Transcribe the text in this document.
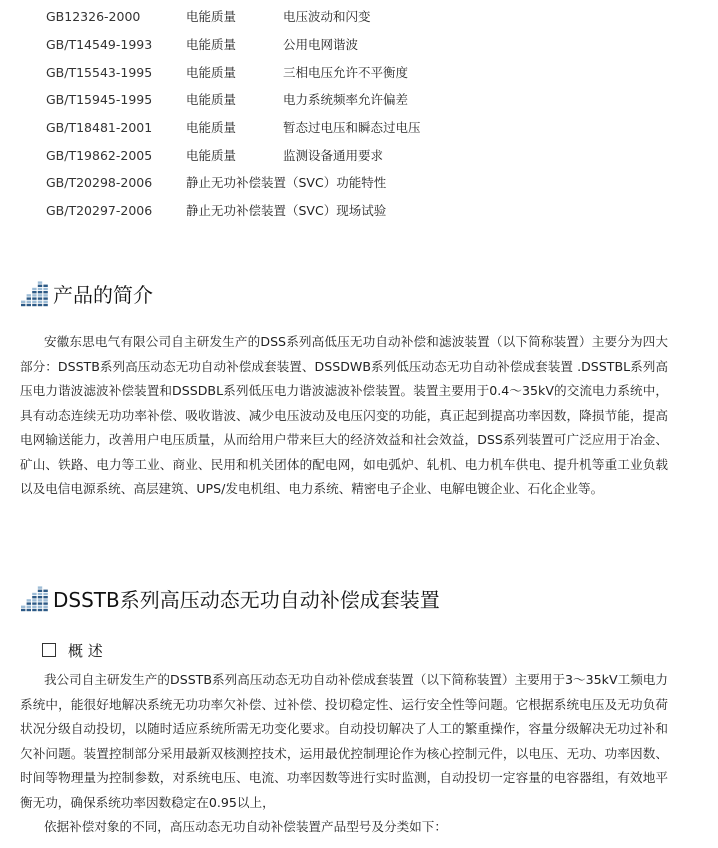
GB12326-2000	电能质量	电压波动和闪变
GB/T14549-1993	电能质量	公用电网谐波
GB/T15543-1995	电能质量	三相电压允许不平衡度
GB/T15945-1995	电能质量	电力系统频率允许偏差
GB/T18481-2001	电能质量	暂态过电压和瞬态过电压
GB/T19862-2005	电能质量	监测设备通用要求
GB/T20298-2006	静止无功补偿装置（SVC）功能特性
GB/T20297-2006	静止无功补偿装置（SVC）现场试验
产品的简介

安徽东思电气有限公司自主研发生产的DSS系列高低压无功自动补偿和滤波装置（以下简称装置）主要分为四大部分：DSSTB系列高压动态无功自动补偿成套装置、DSSDWB系列低压动态无功自动补偿成套装置 .DSSTBL系列高压电力谐波滤波补偿装置和DSSDBL系列低压电力谐波滤波补偿装置。装置主要用于0.4～35kV的交流电力系统中，具有动态连续无功功率补偿、吸收谐波、减少电压波动及电压闪变的功能，真正起到提高功率因数，降损节能，提高电网输送能力，改善用户电压质量，从而给用户带来巨大的经济效益和社会效益，DSS系列装置可广泛应用于冶金、矿山、铁路、电力等工业、商业、民用和机关团体的配电网，如电弧炉、轧机、电力机车供电、提升机等重工业负载以及电信电源系统、高层建筑、UPS/发电机组、电力系统、精密电子企业、电解电镀企业、石化企业等。

DSSTB系列高压动态无功自动补偿成套装置
概 述

我公司自主研发生产的DSSTB系列高压动态无功自动补偿成套装置（以下简称装置）主要用于3～35kV工频电力系统中，能很好地解决系统无功功率欠补偿、过补偿、投切稳定性、运行安全性等问题。它根据系统电压及无功负荷状况分级自动投切，以随时适应系统所需无功变化要求。自动投切解决了人工的繁重操作，容量分级解决无功过补和欠补问题。装置控制部分采用最新双核测控技术，运用最优控制理论作为核心控制元件，以电压、无功、功率因数、时间等物理量为控制参数，对系统电压、电流、功率因数等进行实时监测，自动投切一定容量的电容器组，有效地平衡无功，确保系统功率因数稳定在0.95以上，

依据补偿对象的不同，高压动态无功自动补偿装置产品型号及分类如下：
